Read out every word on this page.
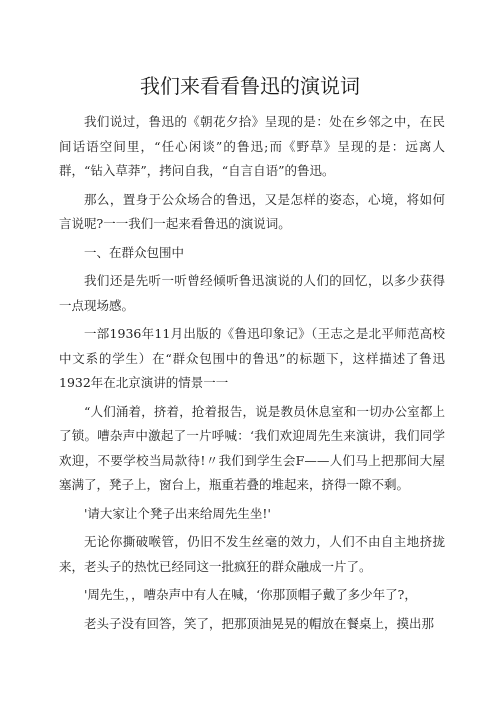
我们来看看鲁迅的演说词

我们说过，鲁迅的《朝花夕拾》呈现的是：处在乡邻之中，在民间话语空间里，“任心闲谈”的鲁迅;而《野草》呈现的是：远离人群，“钻入草莽”，拷问自我，“自言自语”的鲁迅。

那么，置身于公众场合的鲁迅，又是怎样的姿态，心境，将如何言说呢?一一我们一起来看鲁迅的演说词。

一、在群众包围中

我们还是先听一听曾经倾听鲁迅演说的人们的回忆，以多少获得一点现场感。

一部1936年11月出版的《鲁迅印象记》（王志之是北平师范高校中文系的学生）在“群众包围中的鲁迅”的标题下，这样描述了鲁迅1932年在北京演讲的情景一一

“人们涌着，挤着，抢着报告，说是教员休息室和一切办公室都上了锁。嘈杂声中激起了一片呼喊：‘我们欢迎周先生来演讲，我们同学欢迎，不要学校当局款待!〃我们到学生会F——人们马上把那间大屋塞满了，凳子上，窗台上，瓶重若叠的堆起来，挤得一隙不剩。

'请大家让个凳子出来给周先生坐!'

无论你撕破喉管，仍旧不发生丝毫的效力，人们不由自主地挤拢来，老头子的热忱已经同这一批疯狂的群众融成一片了。

'周先生，，嘈杂声中有人在喊，‘你那顶帽子戴了多少年了?，

老头子没有回答，笑了，把那顶油晃晃的帽放在餐桌上，摸出那
